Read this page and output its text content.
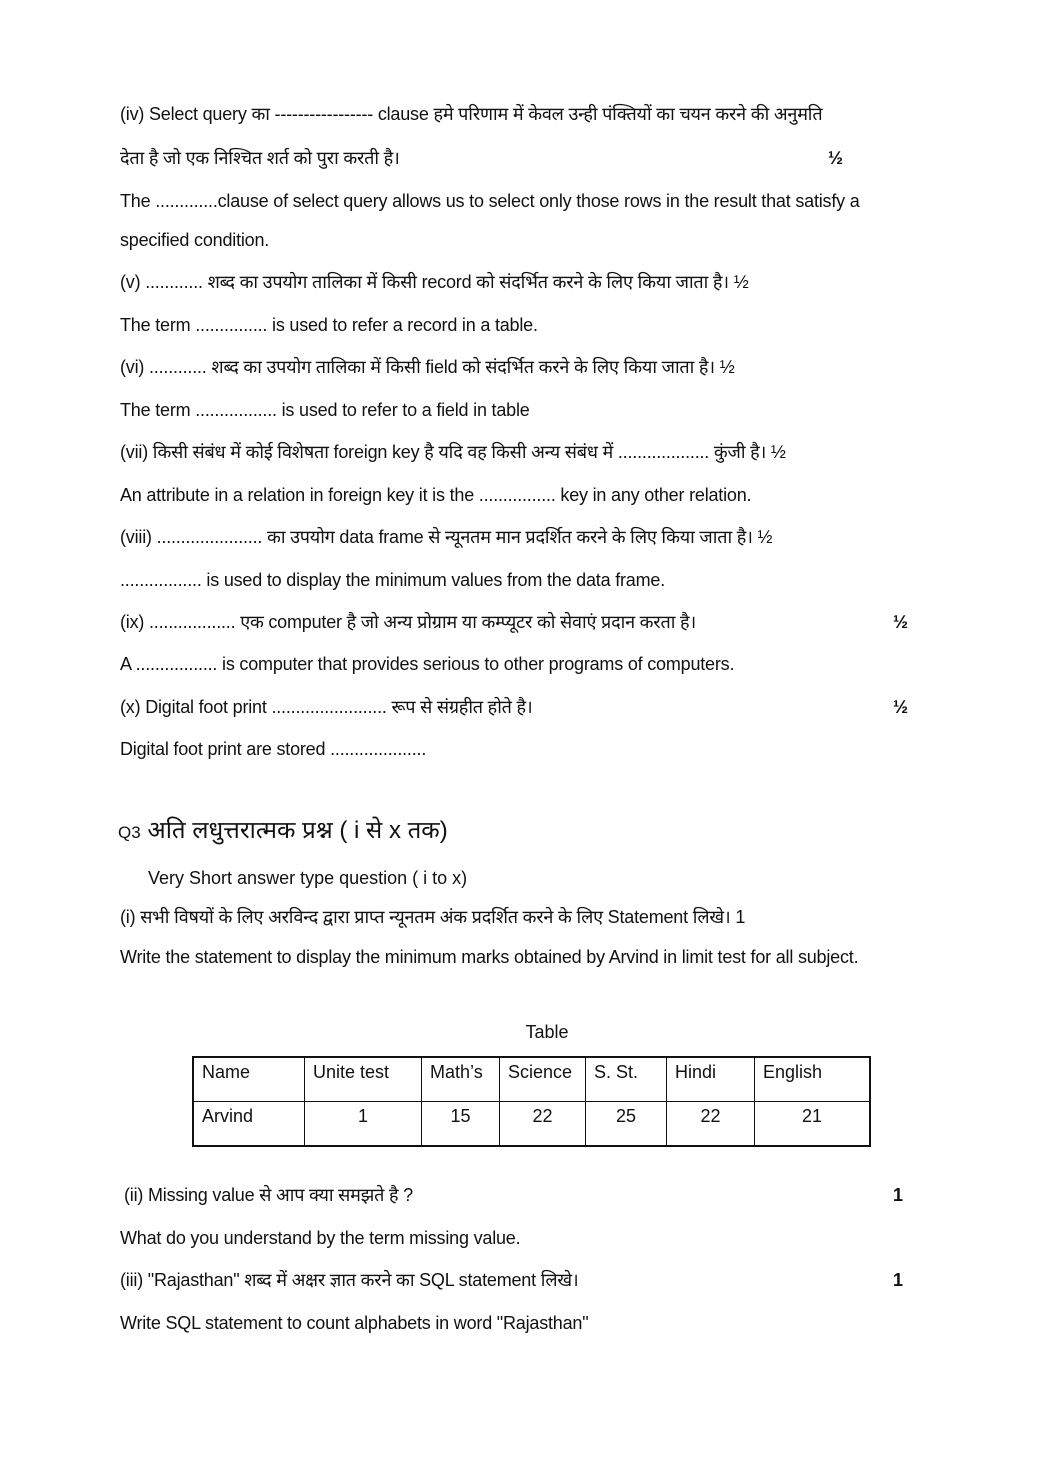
(iv) Select query का ----------------- clause हमे परिणाम में केवल उन्ही पंक्तियों का चयन करने की अनुमति
देता है जो एक निश्चित शर्त को पुरा करती है।	½
The .............clause of select query allows us to select only those rows in the result that satisfy a
specified condition.
(v) ............ शब्द का उपयोग तालिका में किसी record को संदर्भित करने के लिए किया जाता है। ½
The term ............... is used to refer a record in a table.
(vi) ............ शब्द का उपयोग तालिका में किसी field को संदर्भित करने के लिए किया जाता है। ½
The term ................. is used to refer to a field in table
(vii) किसी संबंध में कोई विशेषता foreign key है यदि वह किसी अन्य संबंध में ................... कुंजी है। ½
An attribute in a relation in foreign key it is the ................ key in any other relation.
(viii) ...................... का उपयोग data frame से न्यूनतम मान प्रदर्शित करने के लिए किया जाता है। ½
................. is used to display the minimum values from the data frame.
(ix) .................. एक computer है जो अन्य प्रोग्राम या कम्प्यूटर को सेवाएं प्रदान करता है।	½
A ................. is computer that provides serious to other programs of computers.
(x) Digital foot print ........................ रूप से संग्रहीत होते है।	½
Digital foot print are stored ....................
Q3 अति लधुत्तरात्मक प्रश्न ( i से x तक)
Very Short answer type question ( i to x)
(i) सभी विषयों के लिए अरविन्द द्वारा प्राप्त न्यूनतम अंक प्रदर्शित करने के लिए Statement लिखे। 1
Write the statement to display the minimum marks obtained by Arvind in limit test for all subject.
Table
Name	Unite test	Math’s	Science	S. St.	Hindi	English
Arvind	1	15	22	25	22	21
(ii) Missing value से आप क्या समझते है ?	1
What do you understand by the term missing value.
(iii) "Rajasthan" शब्द में अक्षर ज्ञात करने का SQL statement लिखे।	1
Write SQL statement to count alphabets in word "Rajasthan"
